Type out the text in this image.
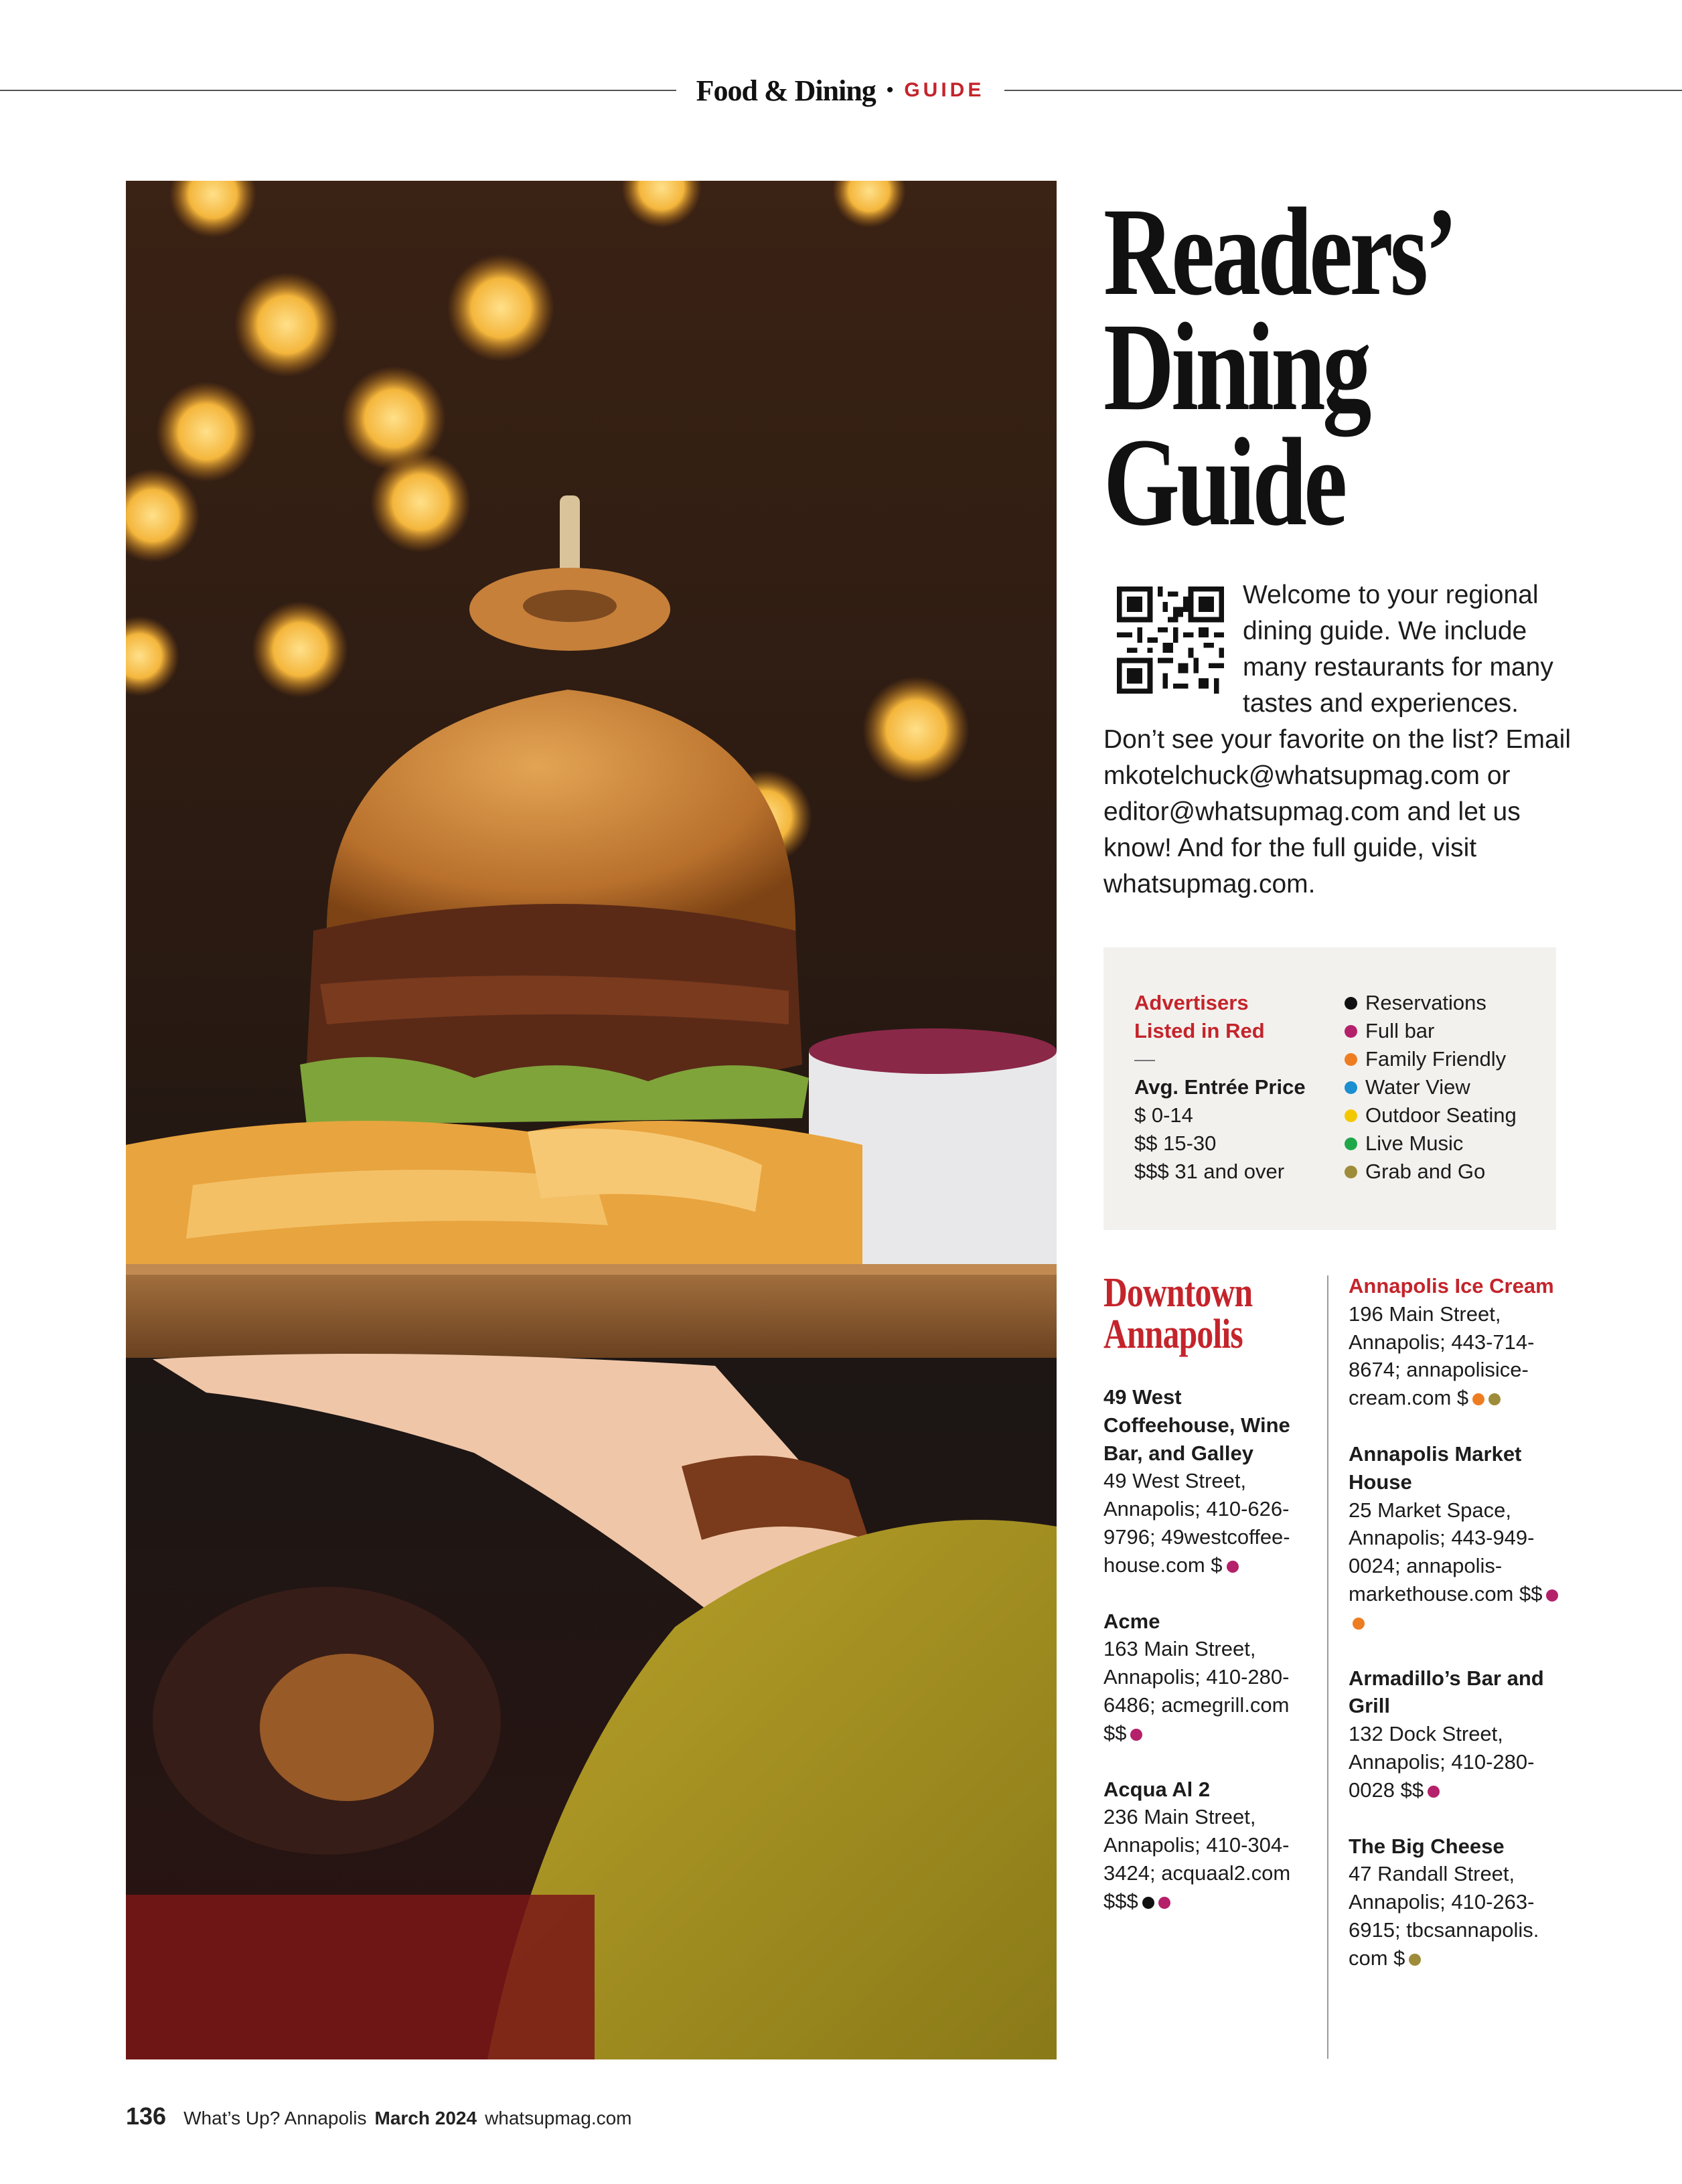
Food & Dining • GUIDE
Readers’
Dining
Guide
Welcome to your regional dining guide. We include many restaurants for many tastes and experiences. Don’t see your favorite on the list? Email mkotelchuck@whatsupmag.com or editor@whatsupmag.com and let us know! And for the full guide, visit whatsupmag.com.
Advertisers
Listed in Red
—
Avg. Entrée Price
$ 0-14
$$ 15-30
$$$ 31 and over
Reservations
Full bar
Family Friendly
Water View
Outdoor Seating
Live Music
Grab and Go
Downtown Annapolis
49 West Coffeehouse, Wine Bar, and Galley
49 West Street, Annapolis; 410-626-9796; 49westcoffee-house.com $
Acme
163 Main Street, Annapolis; 410-280-6486; acmegrill.com $$
Acqua Al 2
236 Main Street, Annapolis; 410-304-3424; acquaal2.com $$$
Annapolis Ice Cream
196 Main Street, Annapolis; 443-714-8674; annapolisice-cream.com $
Annapolis Market House
25 Market Space, Annapolis; 443-949-0024; annapolis-markethouse.com $$
Armadillo’s Bar and Grill
132 Dock Street, Annapolis; 410-280-0028 $$
The Big Cheese
47 Randall Street, Annapolis; 410-263-6915; tbcsannapolis. com $
136 What’s Up? Annapolis March 2024 whatsupmag.com
